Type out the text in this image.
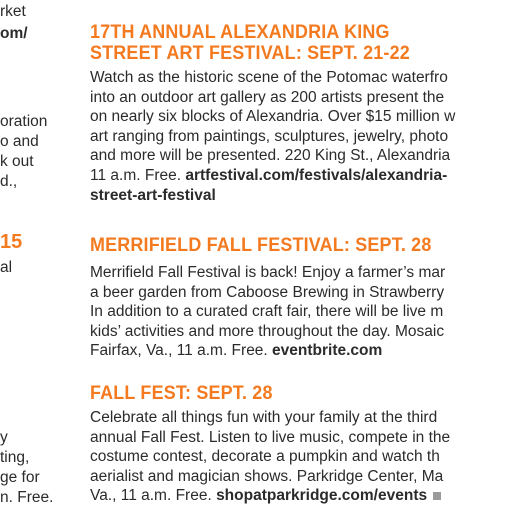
rket
om/
oration
o and
k out
d.,
15
al
y
ting,
ge for
n. Free.
17TH ANNUAL ALEXANDRIA KING
STREET ART FESTIVAL: SEPT. 21-22
Watch as the historic scene of the Potomac waterfro
into an outdoor art gallery as 200 artists present the
on nearly six blocks of Alexandria. Over $15 million w
art ranging from paintings, sculptures, jewelry, photo
and more will be presented. 220 King St., Alexandria
11 a.m. Free. artfestival.com/festivals/alexandria-
street-art-festival
MERRIFIELD FALL FESTIVAL: SEPT. 28
Merrifield Fall Festival is back! Enjoy a farmer’s mar
a beer garden from Caboose Brewing in Strawberry
In addition to a curated craft fair, there will be live m
kids’ activities and more throughout the day. Mosaic
Fairfax, Va., 11 a.m. Free. eventbrite.com
FALL FEST: SEPT. 28
Celebrate all things fun with your family at the third
annual Fall Fest. Listen to live music, compete in the
costume contest, decorate a pumpkin and watch th
aerialist and magician shows. Parkridge Center, Ma
Va., 11 a.m. Free. shopatparkridge.com/events
